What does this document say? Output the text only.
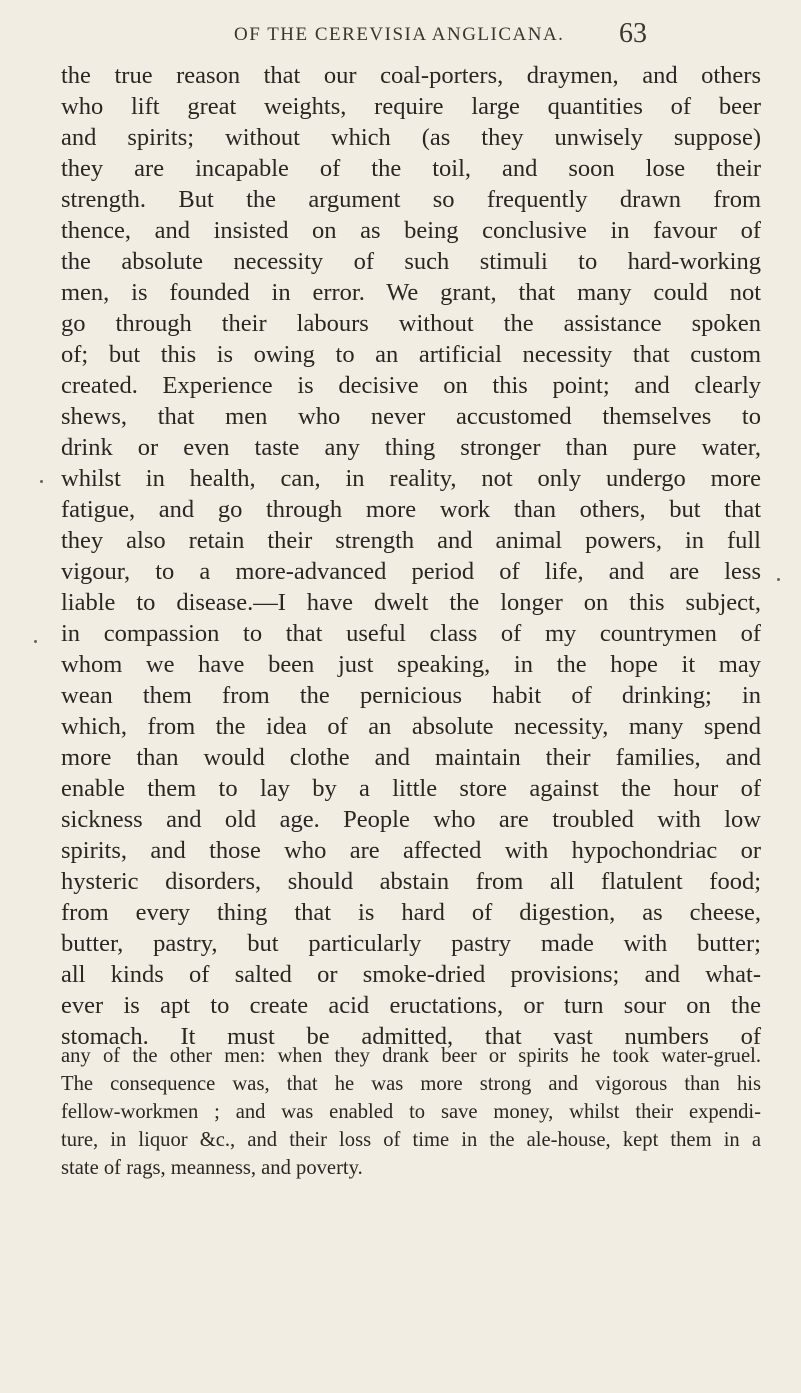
OF THE CEREVISIA ANGLICANA. 63
the true reason that our coal-porters, draymen, and others
who lift great weights, require large quantities of beer
and spirits; without which (as they unwisely suppose)
they are incapable of the toil, and soon lose their
strength. But the argument so frequently drawn from
thence, and insisted on as being conclusive in favour of
the absolute necessity of such stimuli to hard-working
men, is founded in error. We grant, that many could not
go through their labours without the assistance spoken
of; but this is owing to an artificial necessity that custom
created. Experience is decisive on this point; and clearly
shews, that men who never accustomed themselves to
drink or even taste any thing stronger than pure water,
whilst in health, can, in reality, not only undergo more
fatigue, and go through more work than others, but that
they also retain their strength and animal powers, in full
vigour, to a more-advanced period of life, and are less
liable to disease.—I have dwelt the longer on this subject,
in compassion to that useful class of my countrymen of
whom we have been just speaking, in the hope it may
wean them from the pernicious habit of drinking; in
which, from the idea of an absolute necessity, many spend
more than would clothe and maintain their families, and
enable them to lay by a little store against the hour of
sickness and old age. People who are troubled with low
spirits, and those who are affected with hypochondriac or
hysteric disorders, should abstain from all flatulent food;
from every thing that is hard of digestion, as cheese,
butter, pastry, but particularly pastry made with butter;
all kinds of salted or smoke-dried provisions; and what-
ever is apt to create acid eructations, or turn sour on the
stomach. It must be admitted, that vast numbers of
any of the other men: when they drank beer or spirits he took water-gruel.
The consequence was, that he was more strong and vigorous than his
fellow-workmen ; and was enabled to save money, whilst their expendi-
ture, in liquor &c., and their loss of time in the ale-house, kept them in a
state of rags, meanness, and poverty.
